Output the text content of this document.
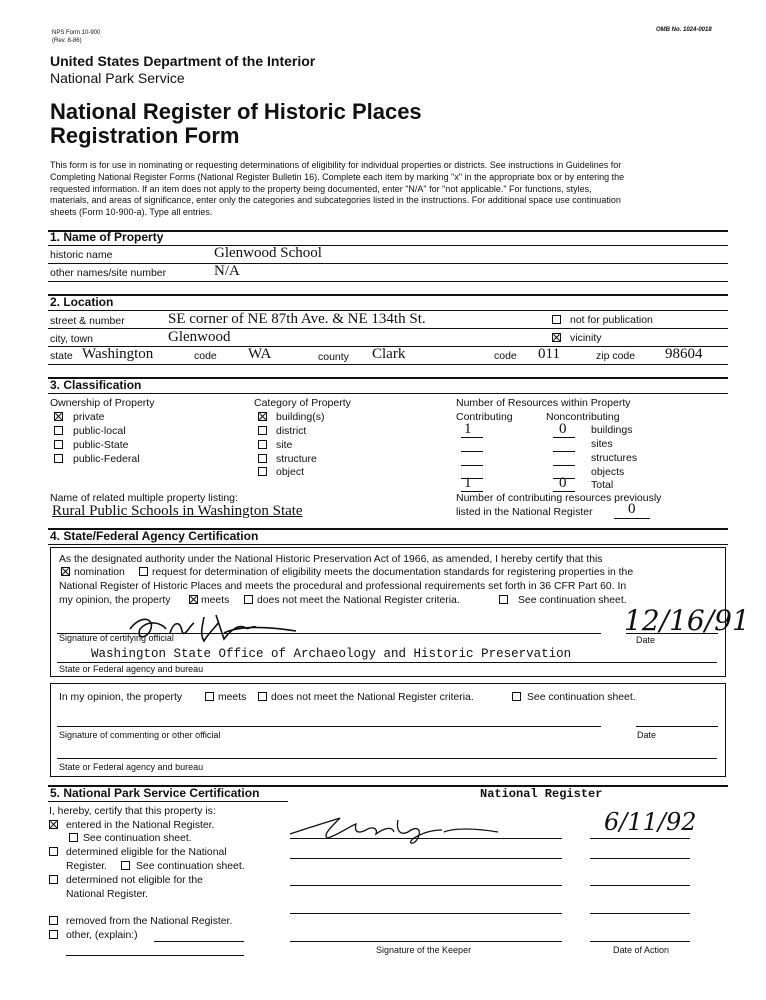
NPS Form 10-900
(Rev. 8-86)
OMB No. 1024-0018
United States Department of the Interior
National Park Service
National Register of Historic Places
Registration Form
This form is for use in nominating or requesting determinations of eligibility for individual properties or districts. See instructions in Guidelines for
Completing National Register Forms (National Register Bulletin 16). Complete each item by marking "x" in the appropriate box or by entering the
requested information. If an item does not apply to the property being documented, enter "N/A" for "not applicable." For functions, styles,
materials, and areas of significance, enter only the categories and subcategories listed in the instructions. For additional space use continuation
sheets (Form 10-900-a). Type all entries.
1. Name of Property
historic name	Glenwood School
other names/site number	N/A
2. Location
street & number	SE corner of NE 87th Ave. & NE 134th St.	not for publication
city, town	Glenwood	vicinity
state Washington	code WA	county Clark	code 011	zip code 98604
3. Classification
Ownership of Property
private
public-local
public-State
public-Federal
Category of Property
building(s)
district
site
structure
object
Number of Resources within Property
Contributing	Noncontributing
1	0 buildings
sites
structures
objects
1	0 Total
Name of related multiple property listing:
Rural Public Schools in Washington State
Number of contributing resources previously
listed in the National Register 0
4. State/Federal Agency Certification
As the designated authority under the National Historic Preservation Act of 1966, as amended, I hereby certify that this
nomination	request for determination of eligibility meets the documentation standards for registering properties in the
National Register of Historic Places and meets the procedural and professional requirements set forth in 36 CFR Part 60. In
my opinion, the property	meets	does not meet the National Register criteria.	See continuation sheet.
12/16/91
Signature of certifying official	Date
Washington State Office of Archaeology and Historic Preservation
State or Federal agency and bureau
In my opinion, the property	meets does not meet the National Register criteria.	See continuation sheet.
Signature of commenting or other official	Date
State or Federal agency and bureau
5. National Park Service Certification	National Register
I, hereby, certify that this property is:
entered in the National Register.
See continuation sheet.
determined eligible for the National
Register.	See continuation sheet.
determined not eligible for the
National Register.
removed from the National Register.
other, (explain:)
6/11/92
Signature of the Keeper	Date of Action
